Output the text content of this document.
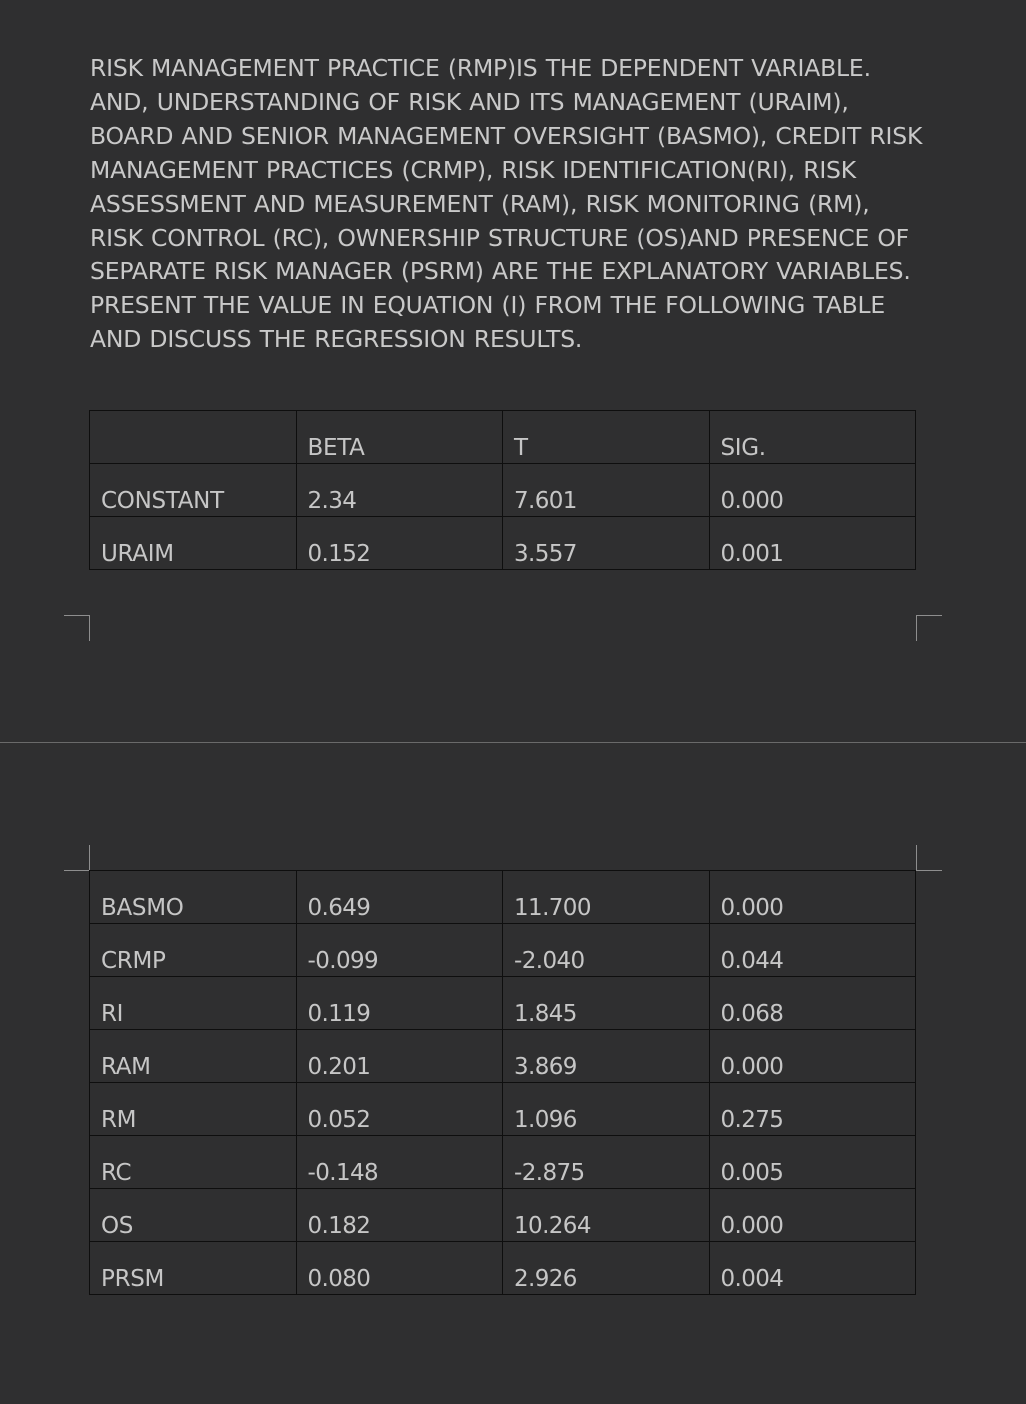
RISK MANAGEMENT PRACTICE (RMP)IS THE DEPENDENT VARIABLE. AND, UNDERSTANDING OF RISK AND ITS MANAGEMENT (URAIM), BOARD AND SENIOR MANAGEMENT OVERSIGHT (BASMO), CREDIT RISK MANAGEMENT PRACTICES (CRMP), RISK IDENTIFICATION(RI), RISK ASSESSMENT AND MEASUREMENT (RAM), RISK MONITORING (RM), RISK CONTROL (RC), OWNERSHIP STRUCTURE (OS)AND PRESENCE OF SEPARATE RISK MANAGER (PSRM) ARE THE EXPLANATORY VARIABLES. PRESENT THE VALUE IN EQUATION (I) FROM THE FOLLOWING TABLE AND DISCUSS THE REGRESSION RESULTS.

	BETA	T	SIG.
CONSTANT	2.34	7.601	0.000
URAIM	0.152	3.557	0.001
BASMO	0.649	11.700	0.000
CRMP	-0.099	-2.040	0.044
RI	0.119	1.845	0.068
RAM	0.201	3.869	0.000
RM	0.052	1.096	0.275
RC	-0.148	-2.875	0.005
OS	0.182	10.264	0.000
PRSM	0.080	2.926	0.004
